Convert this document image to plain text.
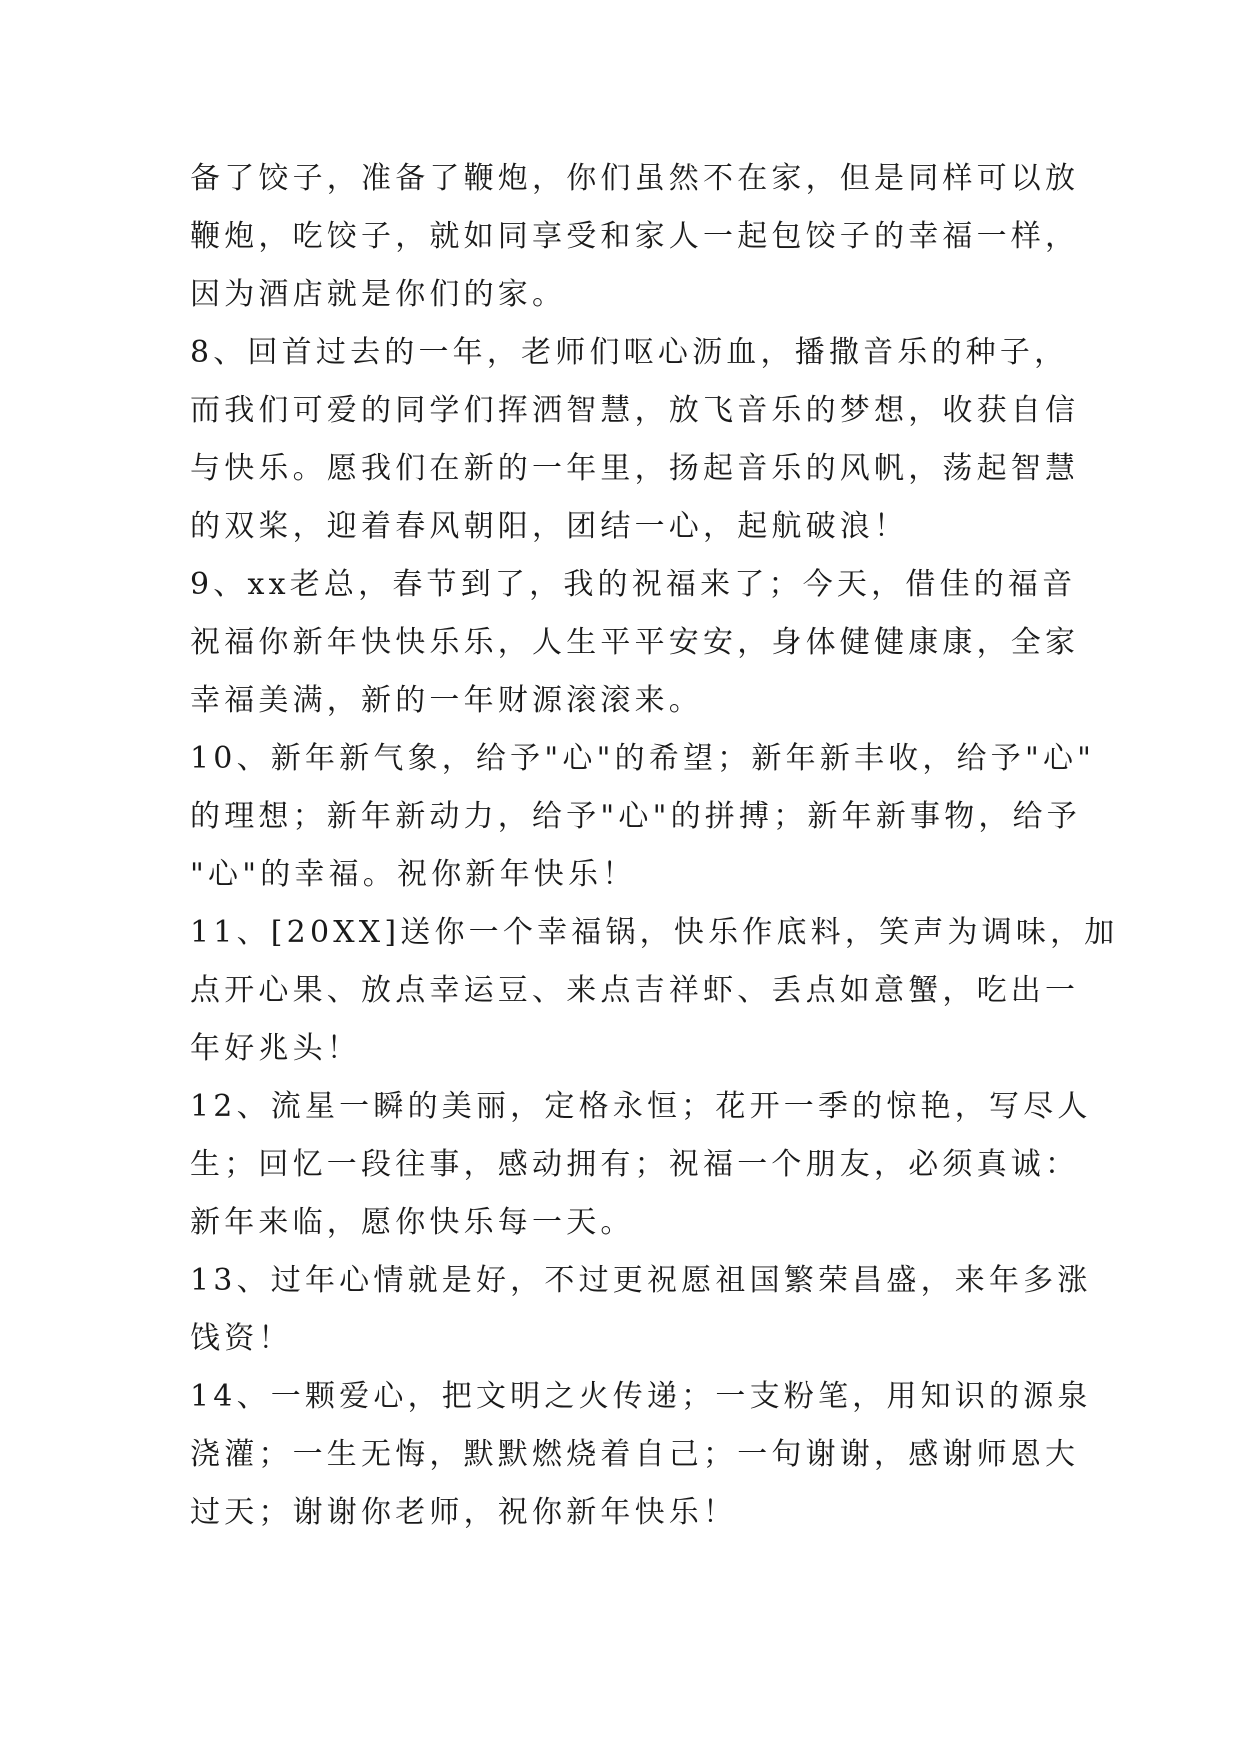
备了饺子，准备了鞭炮，你们虽然不在家，但是同样可以放
鞭炮，吃饺子，就如同享受和家人一起包饺子的幸福一样，
因为酒店就是你们的家。
8、回首过去的一年，老师们呕心沥血，播撒音乐的种子，
而我们可爱的同学们挥洒智慧，放飞音乐的梦想，收获自信
与快乐。愿我们在新的一年里，扬起音乐的风帆，荡起智慧
的双桨，迎着春风朝阳，团结一心，起航破浪！
9、xx老总，春节到了，我的祝福来了；今天，借佳的福音
祝福你新年快快乐乐，人生平平安安，身体健健康康，全家
幸福美满，新的一年财源滚滚来。
10、新年新气象，给予"心"的希望；新年新丰收，给予"心"
的理想；新年新动力，给予"心"的拼搏；新年新事物，给予
"心"的幸福。祝你新年快乐！
11、[20XX]送你一个幸福锅，快乐作底料，笑声为调味，加
点开心果、放点幸运豆、来点吉祥虾、丢点如意蟹，吃出一
年好兆头！
12、流星一瞬的美丽，定格永恒；花开一季的惊艳，写尽人
生；回忆一段往事，感动拥有；祝福一个朋友，必须真诚：
新年来临，愿你快乐每一天。
13、过年心情就是好，不过更祝愿祖国繁荣昌盛，来年多涨
饯资！
14、一颗爱心，把文明之火传递；一支粉笔，用知识的源泉
浇灌；一生无悔，默默燃烧着自己；一句谢谢，感谢师恩大
过天；谢谢你老师，祝你新年快乐！
